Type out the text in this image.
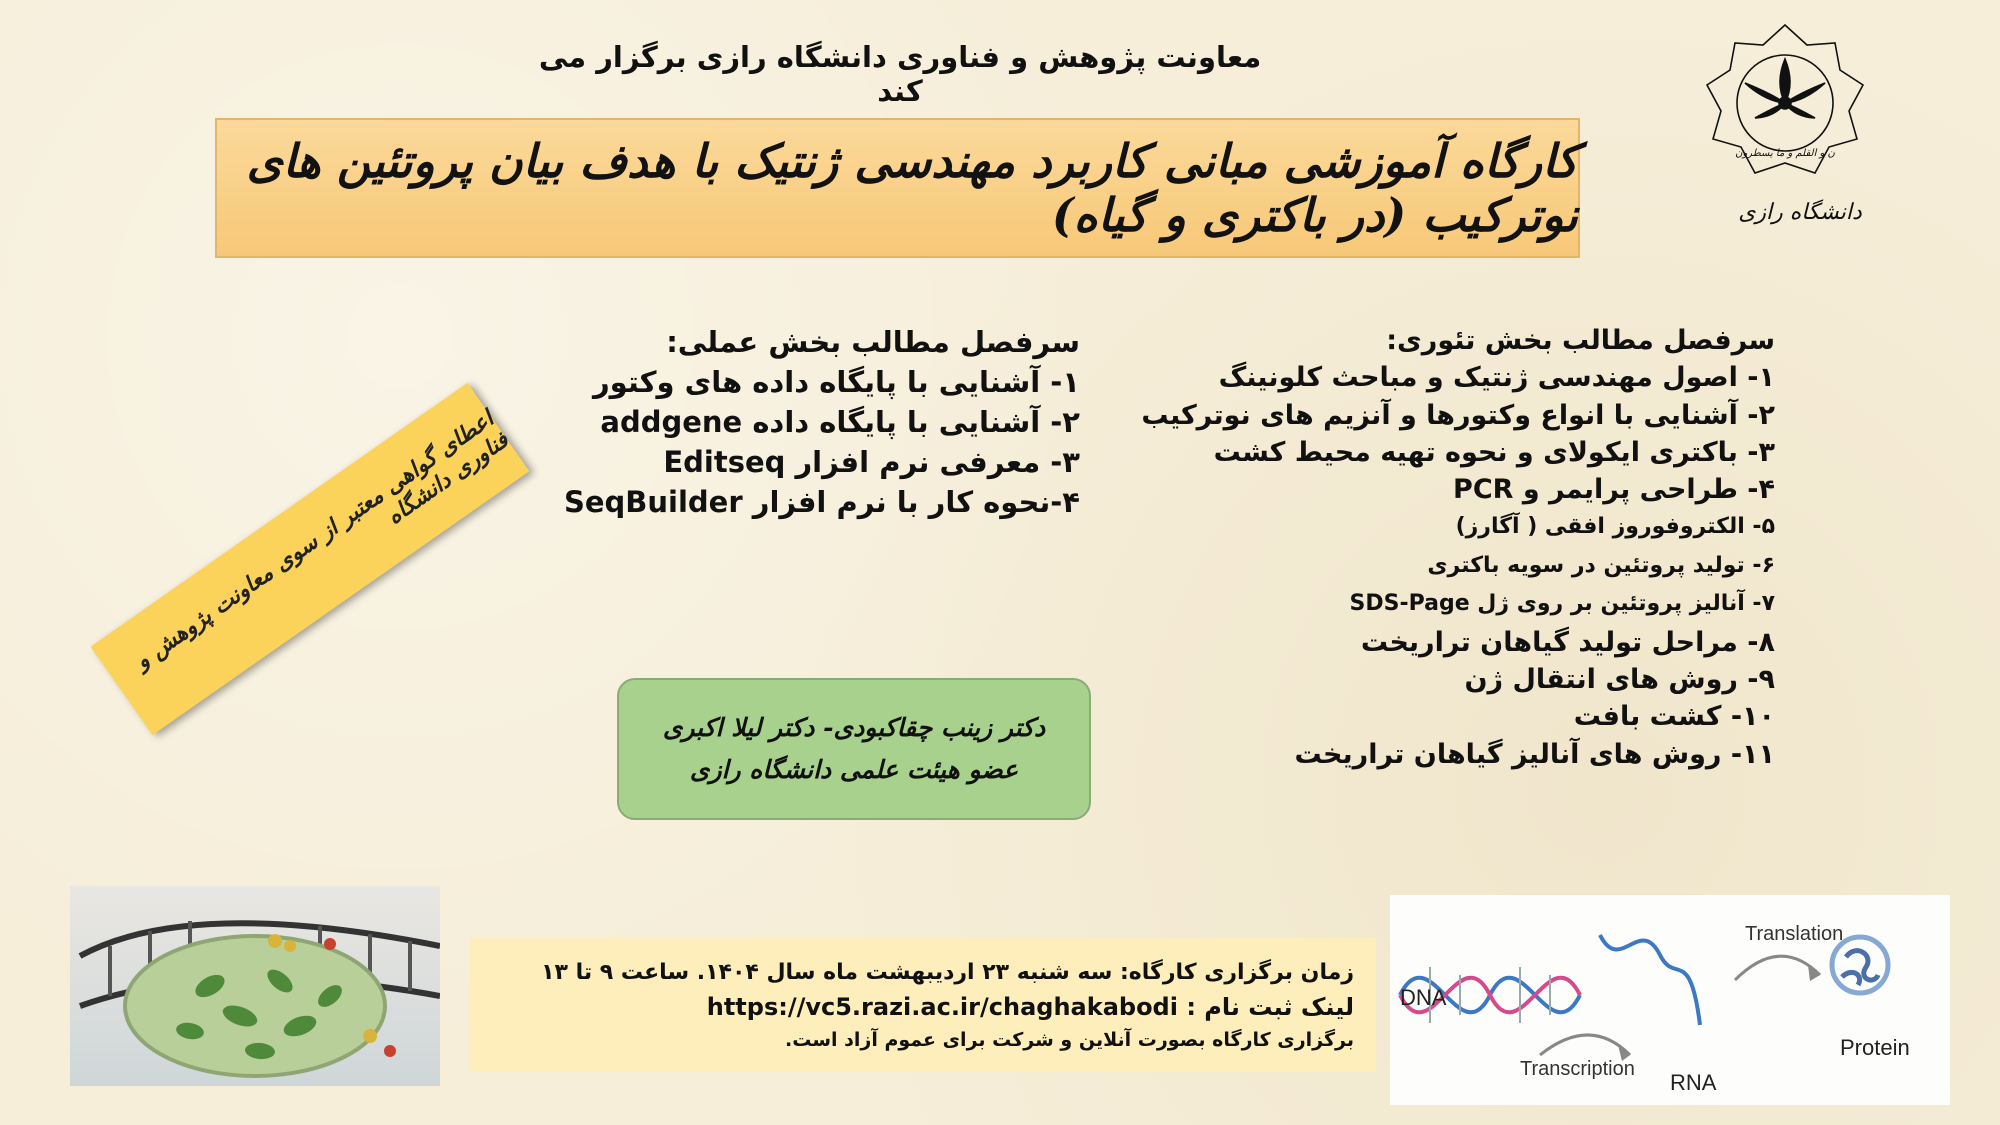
معاونت پژوهش و فناوری دانشگاه رازی برگزار می کند
کارگاه آموزشی مبانی کاربرد مهندسی ژنتیک با هدف بیان پروتئین های نوترکیب (در باکتری و گیاه)
ن و القلم و ما یسطرون
دانشگاه رازی
سرفصل مطالب بخش تئوری:
۱- اصول مهندسی ژنتیک و مباحث کلونینگ
۲- آشنایی با انواع وکتورها و آنزیم های نوترکیب
۳- باکتری ایکولای و نحوه تهیه محیط کشت
۴- طراحی پرایمر و PCR
۵- الکتروفوروز افقی ( آگارز)
۶- تولید پروتئین در سویه باکتری
۷- آنالیز پروتئین بر روی ژل SDS-Page
۸- مراحل تولید گیاهان تراریخت
۹- روش های انتقال ژن
۱۰- کشت بافت
۱۱- روش های آنالیز گیاهان تراریخت
سرفصل مطالب بخش عملی:
۱- آشنایی با پایگاه داده های وکتور
۲- آشنایی با پایگاه داده addgene
۳- معرفی نرم افزار Editseq
۴-نحوه کار با نرم افزار SeqBuilder
اعطای گواهی معتبر از سوی معاونت پژوهش و فناوری دانشگاه
دکتر زینب چقاکبودی- دکتر لیلا اکبری
عضو هیئت علمی دانشگاه رازی
زمان برگزاری کارگاه: سه شنبه ۲۳ اردیبهشت ماه سال ۱۴۰۴. ساعت ۹ تا ۱۳
لینک ثبت نام : https://vc5.razi.ac.ir/chaghakabodi
برگزاری کارگاه بصورت آنلاین و شرکت برای عموم آزاد است.
DNA
Transcription
RNA
Translation
Protein
